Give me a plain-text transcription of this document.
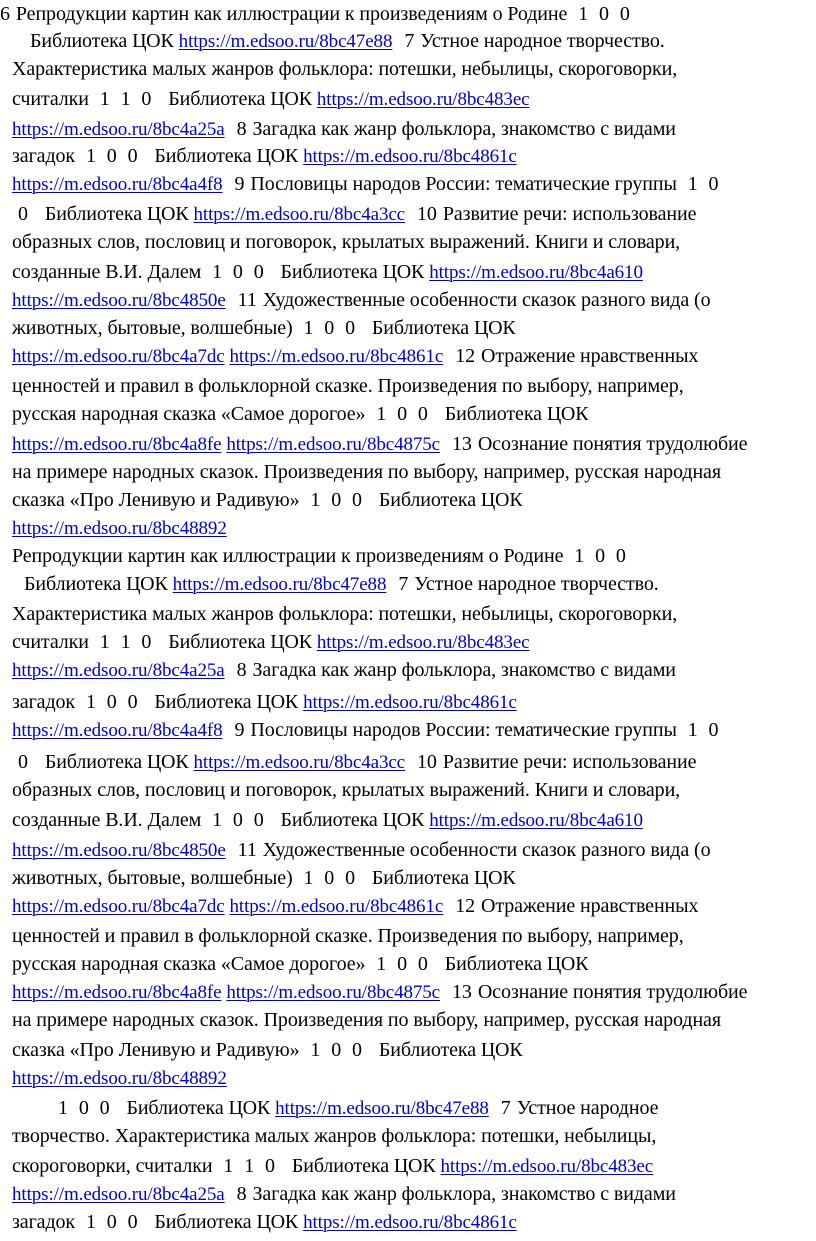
6 Репродукции картин как иллюстрации к произведениям о Родине 1 0 0
Библиотека ЦОК https://m.edsoo.ru/8bc47e88 7 Устное народное творчество.
Характеристика малых жанров фольклора: потешки, небылицы, скороговорки,
считалки 1 1 0 Библиотека ЦОК https://m.edsoo.ru/8bc483ec
https://m.edsoo.ru/8bc4a25a 8 Загадка как жанр фольклора, знакомство с видами
загадок 1 0 0 Библиотека ЦОК https://m.edsoo.ru/8bc4861c
https://m.edsoo.ru/8bc4a4f8 9 Пословицы народов России: тематические группы 1 0
0 Библиотека ЦОК https://m.edsoo.ru/8bc4a3cc 10 Развитие речи: использование
образных слов, пословиц и поговорок, крылатых выражений. Книги и словари,
созданные В.И. Далем 1 0 0 Библиотека ЦОК https://m.edsoo.ru/8bc4a610
https://m.edsoo.ru/8bc4850e 11 Художественные особенности сказок разного вида (о
животных, бытовые, волшебные) 1 0 0 Библиотека ЦОК
https://m.edsoo.ru/8bc4a7dc https://m.edsoo.ru/8bc4861c 12 Отражение нравственных
ценностей и правил в фольклорной сказке. Произведения по выбору, например,
русская народная сказка «Самое дорогое» 1 0 0 Библиотека ЦОК
https://m.edsoo.ru/8bc4a8fe https://m.edsoo.ru/8bc4875c 13 Осознание понятия трудолюбие
на примере народных сказок. Произведения по выбору, например, русская народная
сказка «Про Ленивую и Радивую» 1 0 0 Библиотека ЦОК
https://m.edsoo.ru/8bc48892
Репродукции картин как иллюстрации к произведениям о Родине 1 0 0
Библиотека ЦОК https://m.edsoo.ru/8bc47e88 7 Устное народное творчество.
Характеристика малых жанров фольклора: потешки, небылицы, скороговорки,
считалки 1 1 0 Библиотека ЦОК https://m.edsoo.ru/8bc483ec
https://m.edsoo.ru/8bc4a25a 8 Загадка как жанр фольклора, знакомство с видами
загадок 1 0 0 Библиотека ЦОК https://m.edsoo.ru/8bc4861c
https://m.edsoo.ru/8bc4a4f8 9 Пословицы народов России: тематические группы 1 0
0 Библиотека ЦОК https://m.edsoo.ru/8bc4a3cc 10 Развитие речи: использование
образных слов, пословиц и поговорок, крылатых выражений. Книги и словари,
созданные В.И. Далем 1 0 0 Библиотека ЦОК https://m.edsoo.ru/8bc4a610
https://m.edsoo.ru/8bc4850e 11 Художественные особенности сказок разного вида (о
животных, бытовые, волшебные) 1 0 0 Библиотека ЦОК
https://m.edsoo.ru/8bc4a7dc https://m.edsoo.ru/8bc4861c 12 Отражение нравственных
ценностей и правил в фольклорной сказке. Произведения по выбору, например,
русская народная сказка «Самое дорогое» 1 0 0 Библиотека ЦОК
https://m.edsoo.ru/8bc4a8fe https://m.edsoo.ru/8bc4875c 13 Осознание понятия трудолюбие
на примере народных сказок. Произведения по выбору, например, русская народная
сказка «Про Ленивую и Радивую» 1 0 0 Библиотека ЦОК
https://m.edsoo.ru/8bc48892
1 0 0 Библиотека ЦОК https://m.edsoo.ru/8bc47e88 7 Устное народное
творчество. Характеристика малых жанров фольклора: потешки, небылицы,
скороговорки, считалки 1 1 0 Библиотека ЦОК https://m.edsoo.ru/8bc483ec
https://m.edsoo.ru/8bc4a25a 8 Загадка как жанр фольклора, знакомство с видами
загадок 1 0 0 Библиотека ЦОК https://m.edsoo.ru/8bc4861c
